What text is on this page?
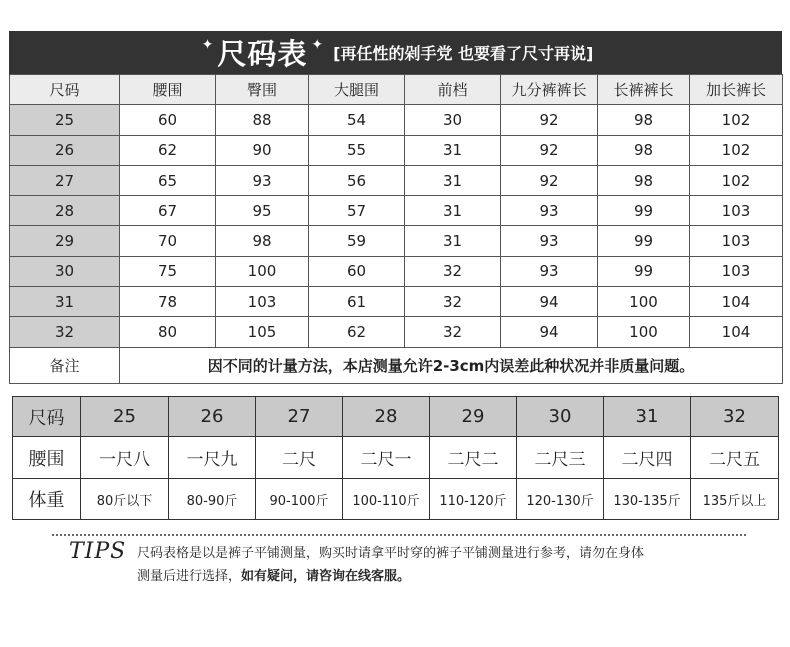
✦ 尺码表 ✦ [再任性的剁手党 也要看了尺寸再说]
尺码	腰围	臀围	大腿围	前档	九分裤裤长	长裤裤长	加长裤长
25	60	88	54	30	92	98	102
26	62	90	55	31	92	98	102
27	65	93	56	31	92	98	102
28	67	95	57	31	93	99	103
29	70	98	59	31	93	99	103
30	75	100	60	32	93	99	103
31	78	103	61	32	94	100	104
32	80	105	62	32	94	100	104
备注	因不同的计量方法，本店测量允许2-3cm内误差此种状况并非质量问题。						
尺码	25	26	27	28	29	30	31	32
腰围	一尺八	一尺九	二尺	二尺一	二尺二	二尺三	二尺四	二尺五
体重	80斤以下	80-90斤	90-100斤	100-110斤	110-120斤	120-130斤	130-135斤	135斤以上
TIPS 尺码表格是以是裤子平铺测量，购买时请拿平时穿的裤子平铺测量进行参考，请勿在身体
测量后进行选择，如有疑问，请咨询在线客服。
